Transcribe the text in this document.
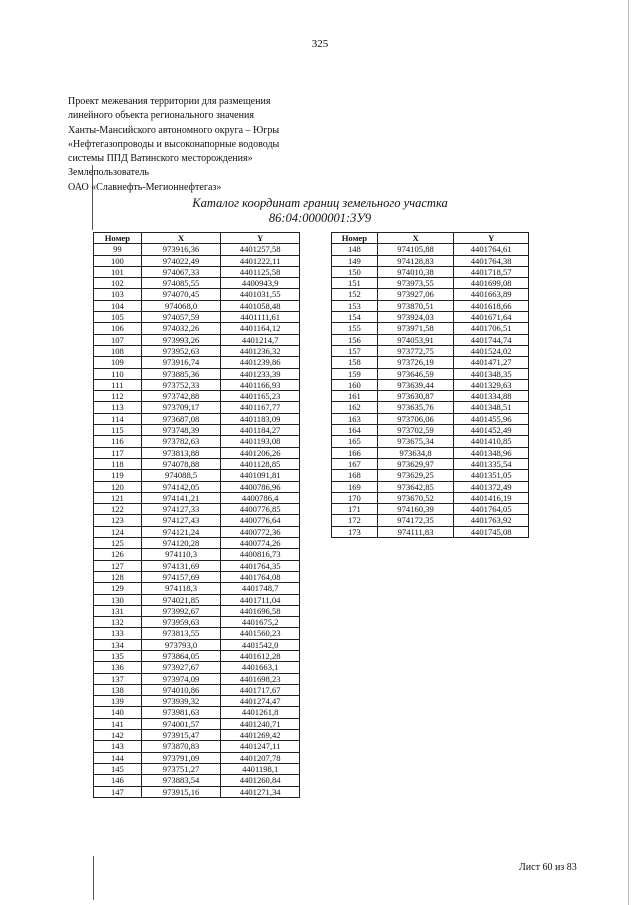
325
Проект межевания территории для размещения
линейного объекта регионального значения
Ханты-Мансийского автономного округа – Югры
«Нефтегазопроводы и высоконапорные водоводы
системы ППД Ватинского месторождения»
Землепользователь
ОАО «Славнефть-Мегионнефтегаз»
Каталог координат границ земельного участка
86:04:0000001:3У9
Номер	X	Y
99	973916,36	4401257,58
100	974022,49	4401222,11
101	974067,33	4401125,58
102	974085,55	4400943,9
103	974070,45	4401031,55
104	974068,0	4401058,48
105	974057,59	4401111,61
106	974032,26	4401164,12
107	973993,26	4401214,7
108	973952,63	4401236,32
109	973916,74	4401239,86
110	973885,36	4401233,39
111	973752,33	4401166,93
112	973742,88	4401165,23
113	973709,17	4401167,77
114	973687,08	4401183,09
115	973748,39	4401184,27
116	973782,63	4401193,08
117	973813,88	4401206,26
118	974078,88	4401128,85
119	974088,5	4401091,81
120	974142,05	4400786,96
121	974141,21	4400786,4
122	974127,33	4400776,85
123	974127,43	4400776,64
124	974121,24	4400772,36
125	974120,28	4400774,26
126	974110,3	4400816,73
127	974131,69	4401764,35
128	974157,69	4401764,08
129	974118,3	4401748,7
130	974021,85	4401711,04
131	973992,67	4401696,58
132	973959,63	4401675,2
133	973813,55	4401560,23
134	973793,0	4401542,0
135	973864,05	4401612,28
136	973927,67	4401663,1
137	973974,09	4401698,23
138	974010,86	4401717,67
139	973939,32	4401274,47
140	973981,63	4401261,8
141	974001,57	4401240,71
142	973915,47	4401269,42
143	973870,83	4401247,11
144	973791,09	4401207,78
145	973751,27	4401198,1
146	973883,54	4401260,84
147	973915,16	4401271,34
Номер	X	Y
148	974105,88	4401764,61
149	974128,83	4401764,38
150	974010,38	4401718,57
151	973973,55	4401699,08
152	973927,06	4401663,89
153	973870,51	4401618,66
154	973924,03	4401671,64
155	973971,58	4401706,51
156	974053,91	4401744,74
157	973772,75	4401524,02
158	973726,19	4401471,27
159	973646,59	4401348,35
160	973639,44	4401329,63
161	973630,87	4401334,88
162	973635,76	4401348,51
163	973706,06	4401455,96
164	973702,59	4401452,49
165	973675,34	4401410,85
166	973634,8	4401348,96
167	973629,97	4401335,54
168	973629,25	4401351,05
169	973642,85	4401372,49
170	973670,52	4401416,19
171	974160,39	4401764,05
172	974172,35	4401763,92
173	974111,83	4401745,08
Лист 60 из 83
